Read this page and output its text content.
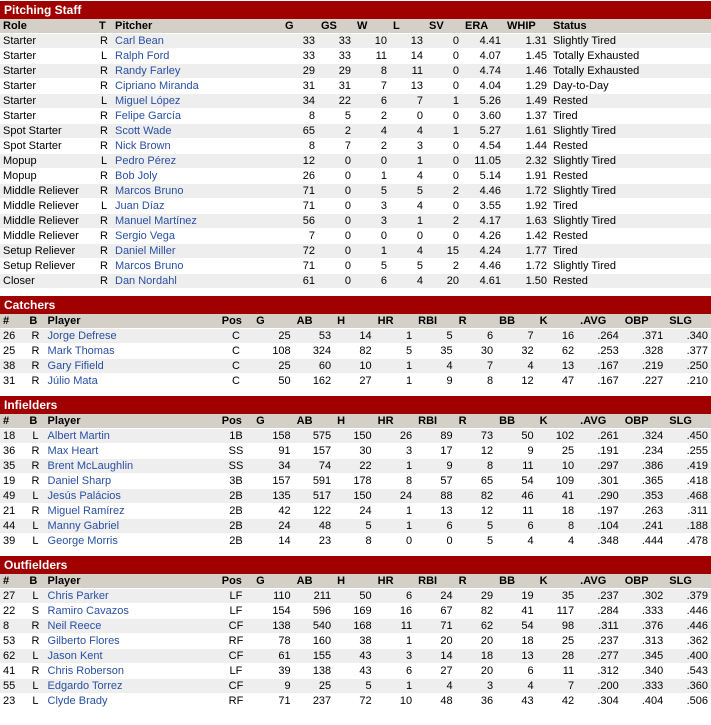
Pitching Staff
Role	T	Pitcher	G	GS	W	L	SV	ERA	WHIP	Status
Starter	R	Carl Bean	33	33	10	13	0	4.41	1.31	Slightly Tired
Starter	L	Ralph Ford	33	33	11	14	0	4.07	1.45	Totally Exhausted
Starter	R	Randy Farley	29	29	8	11	0	4.74	1.46	Totally Exhausted
Starter	R	Cipriano Miranda	31	31	7	13	0	4.04	1.29	Day-to-Day
Starter	L	Miguel López	34	22	6	7	1	5.26	1.49	Rested
Starter	R	Felipe García	8	5	2	0	0	3.60	1.37	Tired
Spot Starter	R	Scott Wade	65	2	4	4	1	5.27	1.61	Slightly Tired
Spot Starter	R	Nick Brown	8	7	2	3	0	4.54	1.44	Rested
Mopup	L	Pedro Pérez	12	0	0	1	0	11.05	2.32	Slightly Tired
Mopup	R	Bob Joly	26	0	1	4	0	5.14	1.91	Rested
Middle Reliever	R	Marcos Bruno	71	0	5	5	2	4.46	1.72	Slightly Tired
Middle Reliever	L	Juan Díaz	71	0	3	4	0	3.55	1.92	Tired
Middle Reliever	R	Manuel Martínez	56	0	3	1	2	4.17	1.63	Slightly Tired
Middle Reliever	R	Sergio Vega	7	0	0	0	0	4.26	1.42	Rested
Setup Reliever	R	Daniel Miller	72	0	1	4	15	4.24	1.77	Tired
Setup Reliever	R	Marcos Bruno	71	0	5	5	2	4.46	1.72	Slightly Tired
Closer	R	Dan Nordahl	61	0	6	4	20	4.61	1.50	Rested
Catchers
#	B	Player	Pos	G	AB	H	HR	RBI	R	BB	K	.AVG	OBP	SLG
26	R	Jorge Defrese	C	25	53	14	1	5	6	7	16	.264	.371	.340
25	R	Mark Thomas	C	108	324	82	5	35	30	32	62	.253	.328	.377
38	R	Gary Fifield	C	25	60	10	1	4	7	4	13	.167	.219	.250
31	R	Júlio Mata	C	50	162	27	1	9	8	12	47	.167	.227	.210
Infielders
#	B	Player	Pos	G	AB	H	HR	RBI	R	BB	K	.AVG	OBP	SLG
18	L	Albert Martin	1B	158	575	150	26	89	73	50	102	.261	.324	.450
36	R	Max Heart	SS	91	157	30	3	17	12	9	25	.191	.234	.255
35	R	Brent McLaughlin	SS	34	74	22	1	9	8	11	10	.297	.386	.419
19	R	Daniel Sharp	3B	157	591	178	8	57	65	54	109	.301	.365	.418
49	L	Jesús Palácios	2B	135	517	150	24	88	82	46	41	.290	.353	.468
21	R	Miguel Ramírez	2B	42	122	24	1	13	12	11	18	.197	.263	.311
44	L	Manny Gabriel	2B	24	48	5	1	6	5	6	8	.104	.241	.188
39	L	George Morris	2B	14	23	8	0	0	5	4	4	.348	.444	.478
Outfielders
#	B	Player	Pos	G	AB	H	HR	RBI	R	BB	K	.AVG	OBP	SLG
27	L	Chris Parker	LF	110	211	50	6	24	29	19	35	.237	.302	.379
22	S	Ramiro Cavazos	LF	154	596	169	16	67	82	41	117	.284	.333	.446
8	R	Neil Reece	CF	138	540	168	11	71	62	54	98	.311	.376	.446
53	R	Gilberto Flores	RF	78	160	38	1	20	20	18	25	.237	.313	.362
62	L	Jason Kent	CF	61	155	43	3	14	18	13	28	.277	.345	.400
41	R	Chris Roberson	LF	39	138	43	6	27	20	6	11	.312	.340	.543
55	L	Edgardo Torrez	CF	9	25	5	1	4	3	4	7	.200	.333	.360
23	L	Clyde Brady	RF	71	237	72	10	48	36	43	42	.304	.404	.506
